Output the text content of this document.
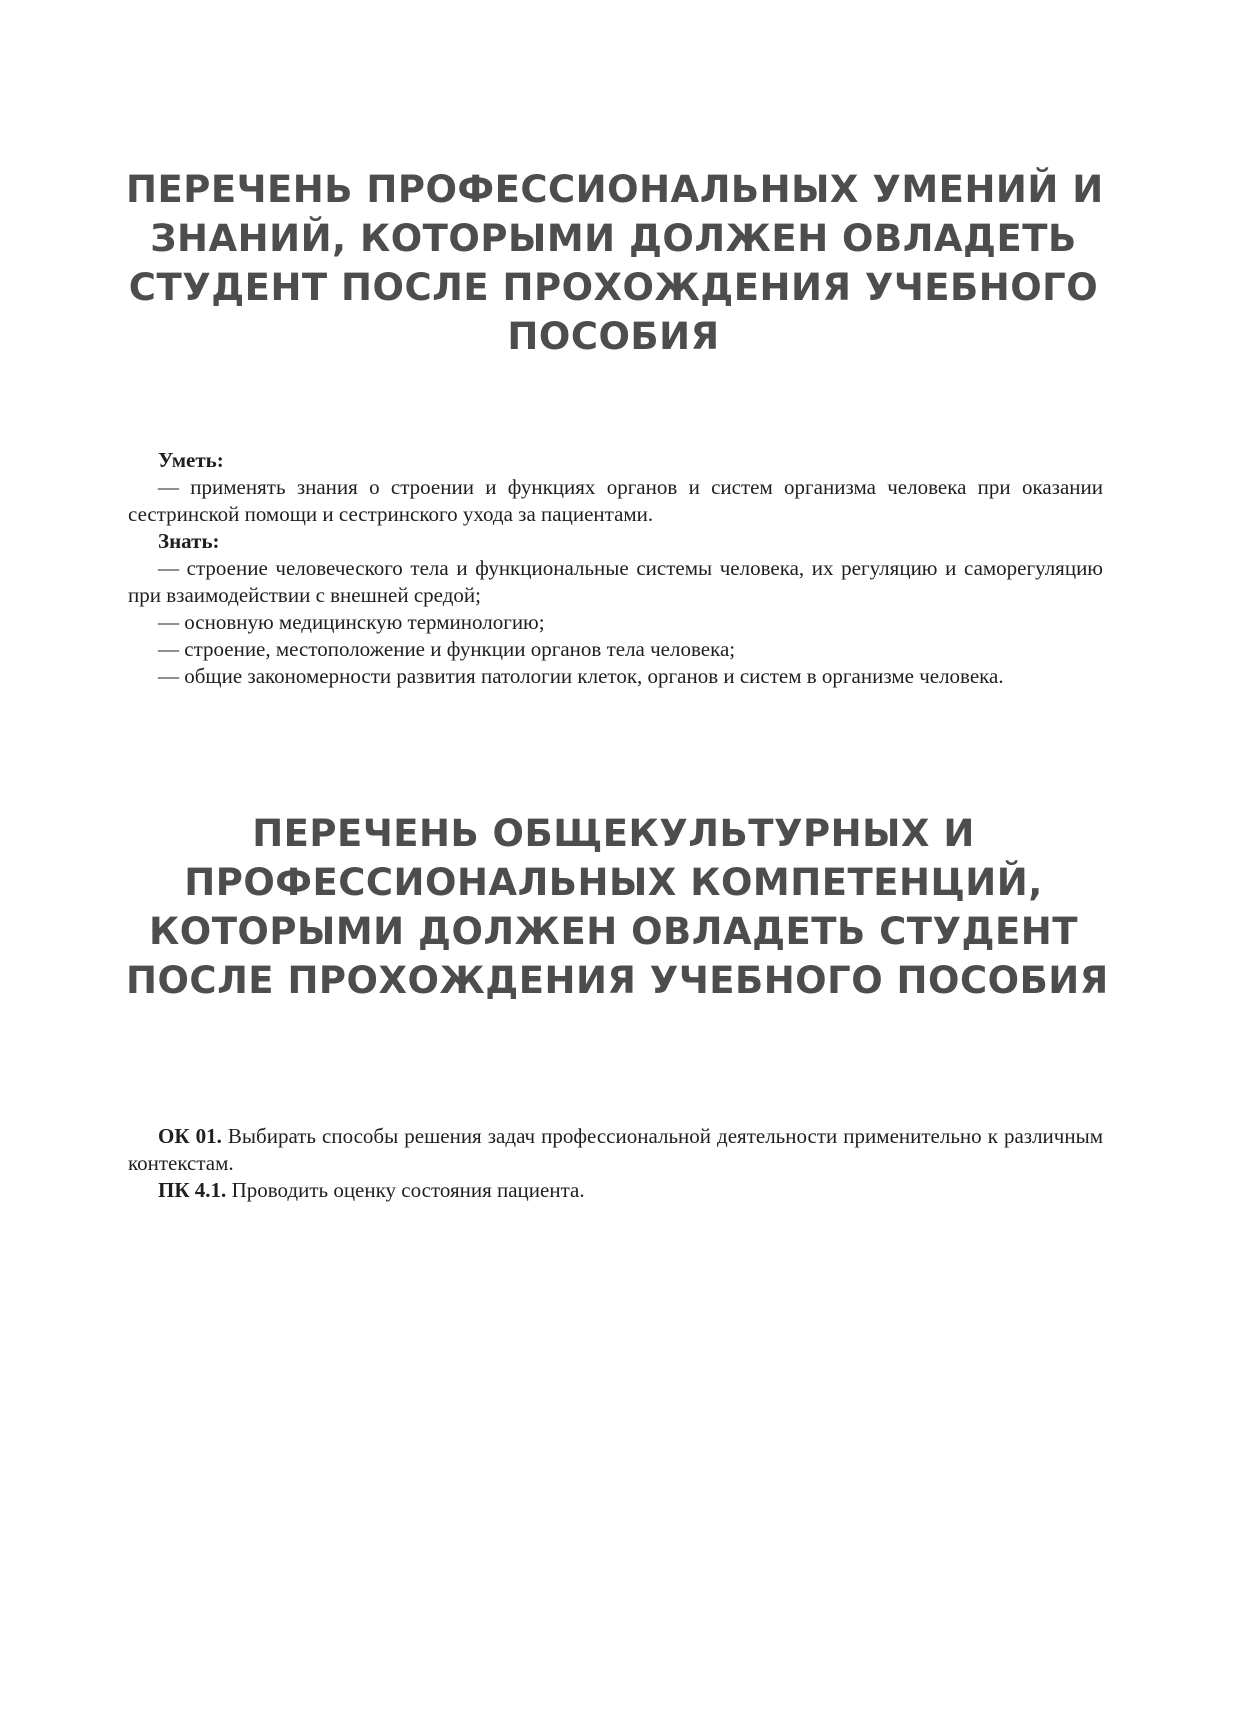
ПЕРЕЧЕНЬ ПРОФЕССИОНАЛЬНЫХ УМЕНИЙ И
ЗНАНИЙ, КОТОРЫМИ ДОЛЖЕН ОВЛАДЕТЬ
СТУДЕНТ ПОСЛЕ ПРОХОЖДЕНИЯ УЧЕБНОГО
ПОСОБИЯ

Уметь:

— применять знания о строении и функциях органов и систем организма человека при оказании сестринской помощи и сестринского ухода за пациентами.

Знать:

— строение человеческого тела и функциональные системы человека, их регуляцию и саморегуляцию при взаимодействии с внешней средой;

— основную медицинскую терминологию;

— строение, местоположение и функции органов тела человека;

— общие закономерности развития патологии клеток, органов и систем в организме человека.

ПЕРЕЧЕНЬ ОБЩЕКУЛЬТУРНЫХ И
ПРОФЕССИОНАЛЬНЫХ КОМПЕТЕНЦИЙ,
КОТОРЫМИ ДОЛЖЕН ОВЛАДЕТЬ СТУДЕНТ
ПОСЛЕ ПРОХОЖДЕНИЯ УЧЕБНОГО ПОСОБИЯ

ОК 01. Выбирать способы решения задач профессиональной деятельности применительно к различным контекстам.

ПК 4.1. Проводить оценку состояния пациента.
